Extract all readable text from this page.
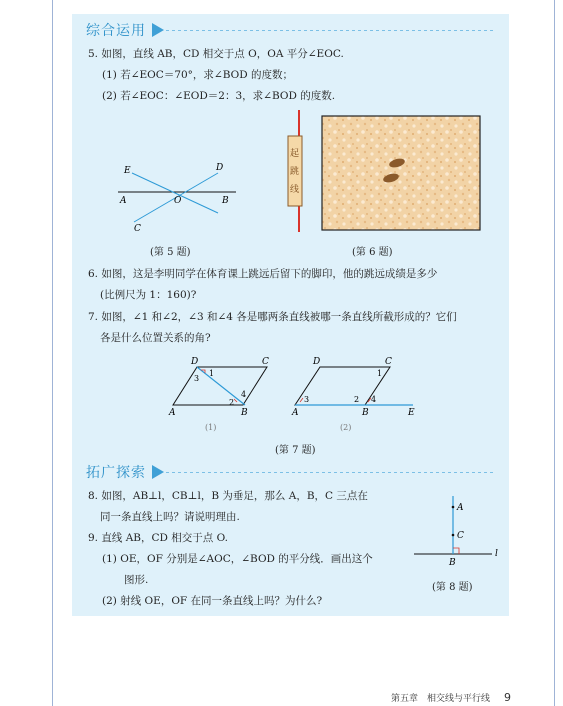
综合运用
5. 如图，直线 AB，CD 相交于点 O，OA 平分∠EOC.
(1) 若∠EOC＝70°，求∠BOD 的度数；
(2) 若∠EOC：∠EOD＝2：3，求∠BOD 的度数.
E	D
A	O	B
C
(第 5 题)
起
跳
线
(第 6 题)
6. 如图，这是李明同学在体育课上跳远后留下的脚印，他的跳远成绩是多少
(比例尺为 1：160)?
7. 如图，∠1 和∠2，∠3 和∠4 各是哪两条直线被哪一条直线所截形成的？它们
各是什么位置关系的角?
D	C
A	B
1
2
3
4
D	C
A	B	E
1
2
3	4
(1)	(2)
(第 7 题)
拓广探索
8. 如图，AB⊥l，CB⊥l，B 为垂足，那么 A，B，C 三点在
同一条直线上吗？请说明理由.
9. 直线 AB，CD 相交于点 O.
(1) OE，OF 分别是∠AOC，∠BOD 的平分线．画出这个
图形.
(2) 射线 OE，OF 在同一条直线上吗？为什么?
A
C
B
l
(第 8 题)
第五章　相交线与平行线 9
